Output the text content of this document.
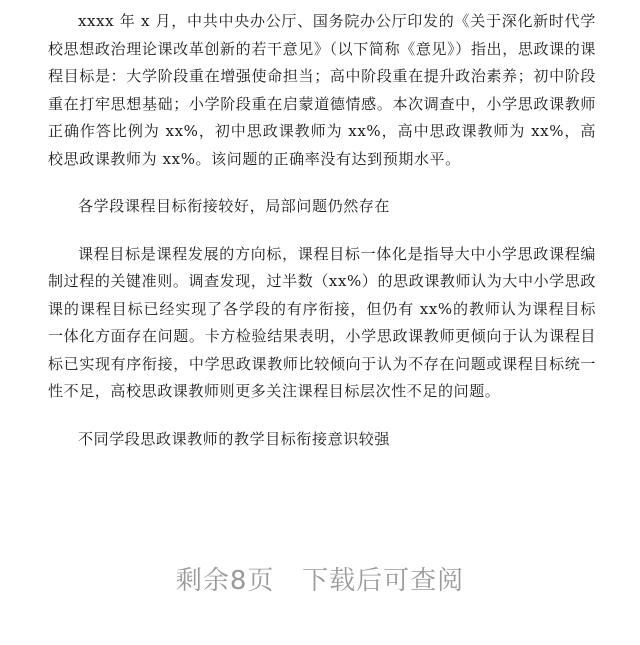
xxxx 年 x 月，中共中央办公厅、国务院办公厅印发的《关于深化新时代学校思想政治理论课改革创新的若干意见》（以下简称《意见》）指出，思政课的课程目标是：大学阶段重在增强使命担当；高中阶段重在提升政治素养；初中阶段重在打牢思想基础；小学阶段重在启蒙道德情感。本次调查中，小学思政课教师正确作答比例为 xx%，初中思政课教师为 xx%，高中思政课教师为 xx%，高校思政课教师为 xx%。该问题的正确率没有达到预期水平。

各学段课程目标衔接较好，局部问题仍然存在

课程目标是课程发展的方向标，课程目标一体化是指导大中小学思政课程编制过程的关键准则。调查发现，过半数（xx%）的思政课教师认为大中小学思政课的课程目标已经实现了各学段的有序衔接，但仍有 xx%的教师认为课程目标一体化方面存在问题。卡方检验结果表明，小学思政课教师更倾向于认为课程目标已实现有序衔接，中学思政课教师比较倾向于认为不存在问题或课程目标统一性不足，高校思政课教师则更多关注课程目标层次性不足的问题。

不同学段思政课教师的教学目标衔接意识较强

剩余8页   下载后可查阅
